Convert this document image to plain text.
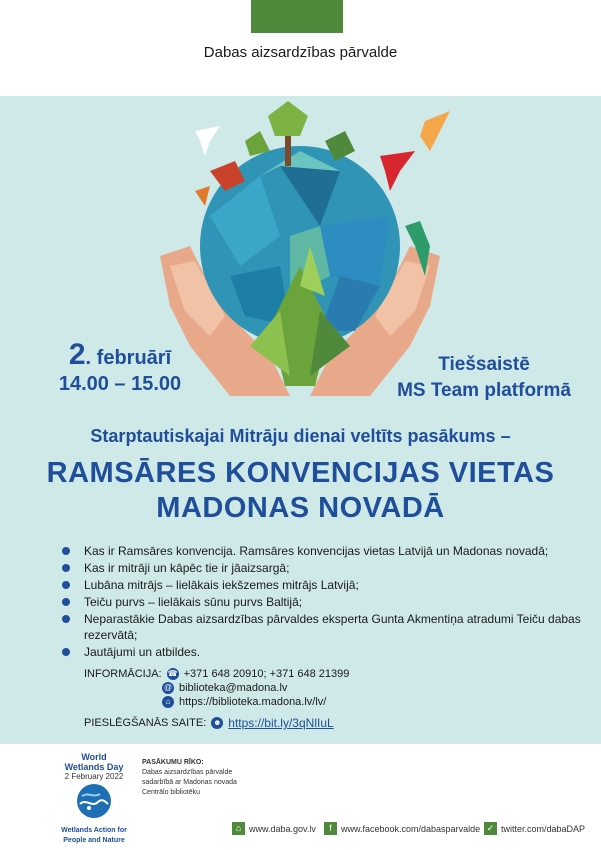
Dabas aizsardzības pārvalde
2. februārī
14.00 – 15.00
Tiešsaistē
MS Team platformā
Starptautiskajai Mitrāju dienai veltīts pasākums –
RAMSĀRES KONVENCIJAS VIETAS
MADONAS NOVADĀ
Kas ir Ramsāres konvencija. Ramsāres konvencijas vietas Latvijā un Madonas novadā;
Kas ir mitrāji un kāpēc tie ir jāaizsargā;
Lubāna mitrājs – lielākais iekšzemes mitrājs Latvijā;
Teiču purvs – lielākais sūnu purvs Baltijā;
Neparastākie Dabas aizsardzības pārvaldes eksperta Gunta Akmentiņa atradumi Teiču dabas rezervātā;
Jautājumi un atbildes.
INFORMĀCIJA: ☎ +371 648 20910; +371 648 21399
@ biblioteka@madona.lv
⌂ https://biblioteka.madona.lv/lv/
PIESLĒGŠANĀS SAITE: ☻ https://bit.ly/3qNlIuL
World
Wetlands Day
2 February 2022
Wetlands Action for
People and Nature
PASĀKUMU RĪKO:
Dabas aizsardzības pārvalde
sadarbībā ar Madonas novada
Centrālo bibliotēku
⌂ www.daba.gov.lv	f	www.facebook.com/dabasparvalde ✓ twitter.com/dabaDAP
